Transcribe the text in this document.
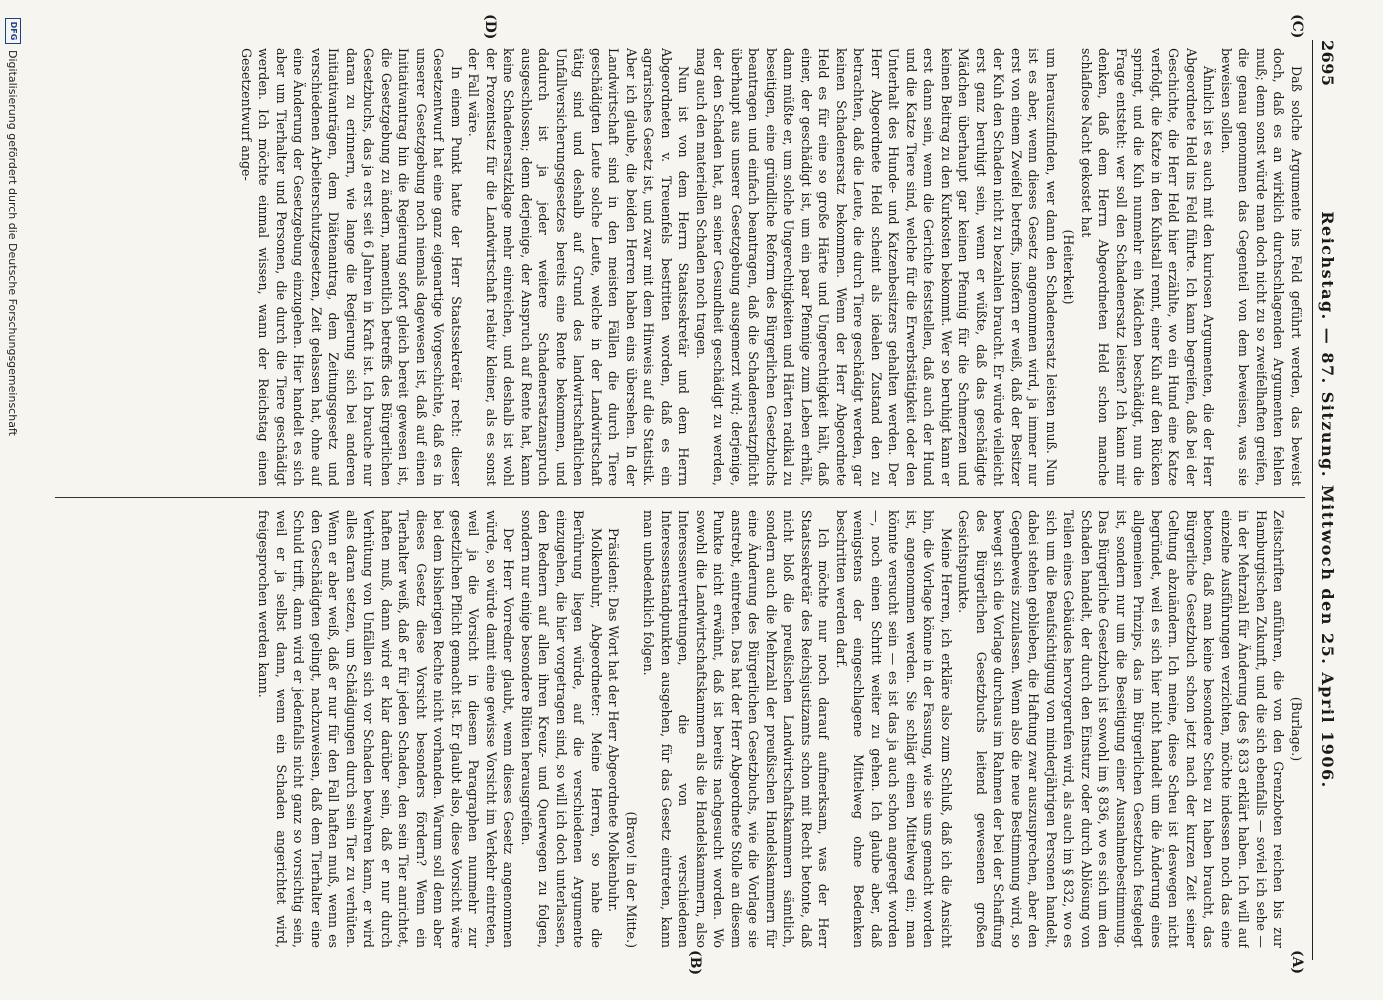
2695
Reichstag. — 87. Sitzung. Mittwoch den 25. April 1906.
(C)
(D)
(A)
(B)

Daß solche Argumente ins Feld geführt werden, das beweist doch, daß es an wirklich durchschlagenden Argumenten fehlen muß; denn sonst würde man doch nicht zu so zweifelhaften greifen, die genau genommen das Gegenteil von dem beweisen, was sie beweisen sollen.

Ähnlich ist es auch mit den kuriosen Argumenten, die der Herr Abgeordnete Held ins Feld führte. Ich kann begreifen, daß bei der Geschichte, die Herr Held hier erzählte, wo ein Hund eine Katze verfolgt, die Katze in den Kuhstall rennt, einer Kuh auf den Rücken springt, und die Kuh nunmehr ein Mädchen beschädigt, nun die Frage entsteht: wer soll den Schadenersatz leisten? Ich kann mir denken, daß dem Herrn Abgeordneten Held schon manche schlaflose Nacht gekostet hat

(Heiterkeit)

um herauszufinden, wer dann den Schadenersatz leisten muß. Nun ist es aber, wenn dieses Gesetz angenommen wird, ja immer nur erst von einem Zweifel betreffs, insofern er weiß, daß der Besitzer der Kuh den Schaden nicht zu bezahlen braucht. Er würde vielleicht erst ganz beruhigt sein, wenn er wüßte, daß das geschädigte Mädchen überhaupt gar keinen Pfennig für die Schmerzen und keinen Beitrag zu den Kurkosten bekommt. Wer so beruhigt kann er erst dann sein, wenn die Gerichte feststellen, daß auch der Hund und die Katze Tiere sind, welche für die Erwerbstätigkeit oder den Unterhalt des Hunde- und Katzenbesitzers gehalten werden. Der Herr Abgeordnete Held scheint als idealen Zustand den zu betrachten, daß die Leute, die durch Tiere geschädigt werden, gar keinen Schadenersatz bekommen. Wenn der Herr Abgeordnete Held es für eine so große Härte und Ungerechtigkeit hält, daß einer, der geschädigt ist, um ein paar Pfennige zum Leben erhält, dann müßte er, um solche Ungerechtigkeiten und Härten radikal zu beseitigen, eine gründliche Reform des Bürgerlichen Gesetzbuchs beantragen und einfach beantragen, daß die Schadenersatzpflicht überhaupt aus unserer Gesetzgebung ausgemerzt wird; derjenige, der den Schaden hat, an seiner Gesundheit geschädigt zu werden, mag auch den materiellen Schaden noch tragen.

Nun ist von dem Herrn Staatssekretär und dem Herrn Abgeordneten v. Treuenfels bestritten worden, daß es ein agrarisches Gesetz ist, und zwar mit dem Hinweis auf die Statistik. Aber ich glaube, die beiden Herren haben eins übersehen. In der Landwirtschaft sind in den meisten Fällen die durch Tiere geschädigten Leute solche Leute, welche in der Landwirtschaft tätig sind und deshalb auf Grund des landwirtschaftlichen Unfallversicherungsgesetzes bereits eine Rente bekommen, und dadurch ist ja jeder weitere Schadenersatzanspruch ausgeschlossen; denn derjenige, der Anspruch auf Rente hat, kann keine Schadenersatzklage mehr einreichen, und deshalb ist wohl der Prozentsatz für die Landwirtschaft relativ kleiner, als es sonst der Fall wäre.

In einem Punkt hatte der Herr Staatssekretär recht: dieser Gesetzentwurf hat eine ganz eigenartige Vorgeschichte, daß es in unserer Gesetzgebung noch niemals dagewesen ist, daß auf einen Initiativantrag hin die Regierung sofort gleich bereit gewesen ist, die Gesetzgebung zu ändern, namentlich betreffs des Bürgerlichen Gesetzbuchs, das ja erst seit 6 Jahren in Kraft ist. Ich brauche nur daran zu erinnern, wie lange die Regierung sich bei anderen Initiativanträgen, dem Diätenantrag, dem Zeitungsgesetz und verschiedenen Arbeiterschutzgesetzen, Zeit gelassen hat, ohne auf eine Änderung der Gesetzgebung einzugehen. Hier handelt es sich aber um Tierhalter und Personen, die durch die Tiere geschädigt werden. Ich möchte einmal wissen, wann der Reichstag einen Gesetzentwurf ange-

(Burlage.)

Zeitschriften anführen, die von den Grenzboten reichen bis zur Hamburgischen Zukunft, und die sich ebenfalls — soviel ich sehe — in der Mehrzahl für Änderung des § 833 erklärt haben. Ich will auf einzelne Ausführungen verzichten, möchte indessen noch das eine betonen, daß man keine besondere Scheu zu haben braucht, das Bürgerliche Gesetzbuch schon jetzt nach der kurzen Zeit seiner Geltung abzuändern. Ich meine, diese Scheu ist deswegen nicht begründet, weil es sich hier nicht handelt um die Änderung eines allgemeinen Prinzips, das im Bürgerlichen Gesetzbuch festgelegt ist, sondern nur um die Beseitigung einer Ausnahmebestimmung. Das Bürgerliche Gesetzbuch ist sowohl im § 836, wo es sich um den Schaden handelt, der durch den Einsturz oder durch Ablösung von Teilen eines Gebäudes hervorgerufen wird, als auch im § 832, wo es sich um die Beaufsichtigung von minderjährigen Personen handelt, dabei stehen geblieben, die Haftung zwar auszusprechen, aber den Gegenbeweis zuzulassen. Wenn also die neue Bestimmung wird, so bewegt sich die Vorlage durchaus im Rahmen der bei der Schaffung des Bürgerlichen Gesetzbuchs leitend gewesenen großen Gesichtspunkte.

Meine Herren, ich erkläre also zum Schluß, daß ich die Ansicht bin, die Vorlage könne in der Fassung, wie sie uns gemacht worden ist, angenommen werden. Sie schlägt einen Mittelweg ein; man könnte versucht sein — es ist das ja auch schon angeregt worden —, noch einen Schritt weiter zu gehen. Ich glaube aber, daß wenigstens der eingeschlagene Mittelweg ohne Bedenken beschritten werden darf.

Ich möchte nur noch darauf aufmerksam, was der Herr Staatssekretär des Reichsjustizamts schon mit Recht betonte, daß nicht bloß die preußischen Landwirtschaftskammern sämtlich, sondern auch die Mehrzahl der preußischen Handelskammern für eine Änderung des Bürgerlichen Gesetzbuchs, wie die Vorlage sie anstrebt, eintreten. Das hat der Herr Abgeordnete Stolle an diesem Punkte nicht erwähnt, daß ist bereits nachgesucht worden. Wo sowohl die Landwirtschaftskammern als die Handelskammern, also Interessenvertretungen, die von verschiedenen Interessenstandpunkten ausgehen, für das Gesetz eintreten, kann man unbedenklich folgen.

(Bravo! in der Mitte.)

Präsident: Das Wort hat der Herr Abgeordnete Molkenbuhr.

Molkenbuhr, Abgeordneter: Meine Herren, so nahe die Berührung liegen würde, auf die verschiedenen Argumente einzugehen, die hier vorgetragen sind, so will ich doch unterlassen, den Rednern auf allen ihren Kreuz- und Querwegen zu folgen, sondern nur einige besondere Blüten herausgreifen.

Der Herr Vorredner glaubt, wenn dieses Gesetz angenommen würde, so würde damit eine gewisse Vorsicht im Verkehr eintreten, weil ja die Vorsicht in diesem Paragraphen nunmehr zur gesetzlichen Pflicht gemacht ist. Er glaubt also, diese Vorsicht wäre bei dem bisherigen Rechte nicht vorhanden. Warum soll denn aber dieses Gesetz diese Vorsicht besonders fördern? Wenn ein Tierhalter weiß, daß er für jeden Schaden, den sein Tier anrichtet, haften muß, dann wird er klar darüber sein, daß er nur durch Verhütung von Unfällen sich vor Schaden bewahren kann, er wird alles daran setzen, um Schädigungen durch sein Tier zu verhüten. Wenn er aber weiß, daß er nur für den Fall haften muß, wenn es den Geschädigten gelingt, nachzuweisen, daß dem Tierhalter eine Schuld trifft, dann wird er jedenfalls nicht ganz so vorsichtig sein, weil er ja selbst dann, wenn ein Schaden angerichtet wird, freigesprochen werden kann.

DFG
Digitalisierung gefördert durch die Deutsche Forschungsgemeinschaft
